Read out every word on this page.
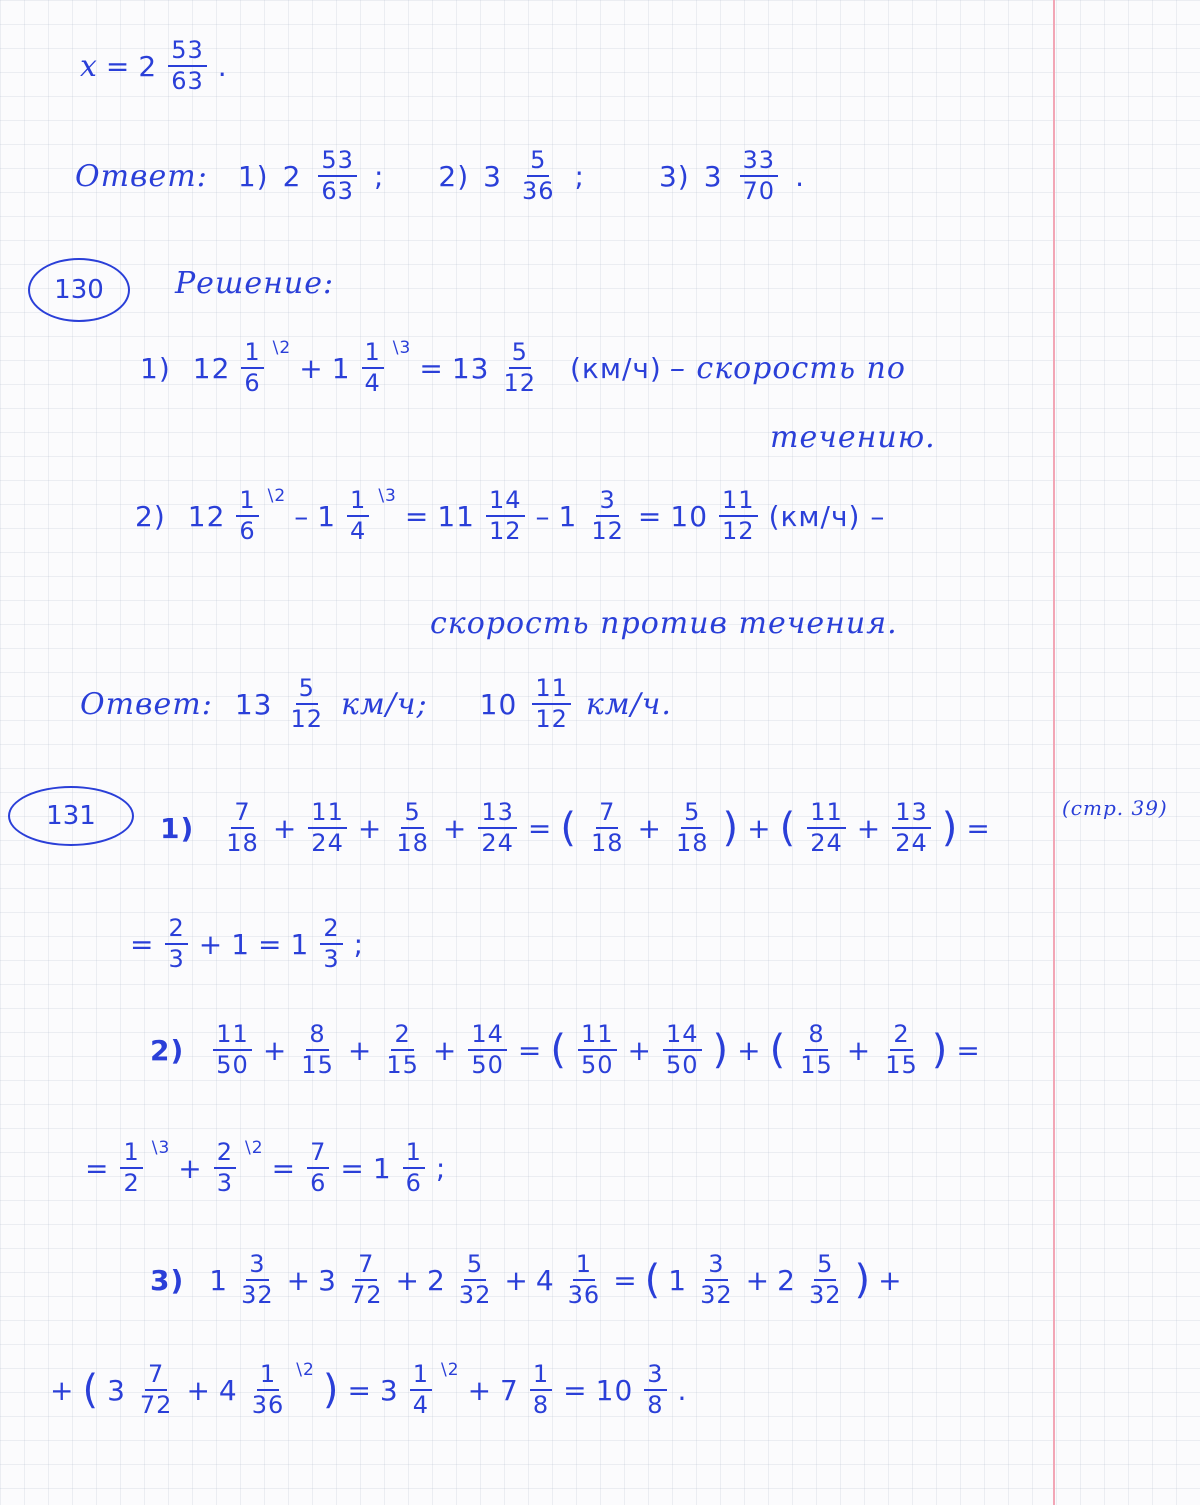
$x = 2 \frac{53}{63}$ .
Ответ: 1) $2 \frac{53}{63}$ ; 2) $3 \frac{5}{36}$ ;	3) $3 \frac{33}{70}$ .
130 Решение:
1) $12 \frac{1}{6}$ \2
+ $1 \frac{1}{4}$ \3
= $13 \frac{5}{12} (км/ч)$ – скорость по
течению.
2) $12 \frac{1}{6}$ \2
– $1 \frac{1}{4}$ \3
= $11 \frac{14}{12} - 1 \frac{3}{12} = 10 \frac{11}{12} (км/ч)$ –
скорость против течения.
Ответ: $13 \frac{5}{12} км/ч$; $10 \frac{11}{12} км/ч$.
131 $1) \frac{7}{18} + \frac{11}{24} + \frac{5}{18} + \frac{13}{24}$ = ( $\frac{7}{18} + \frac{5}{18}$ ) + ( $\frac{11}{24} + \frac{13}{24}$ ) =
(стр. 39)
= $\frac{2}{3} + 1 = 1 \frac{2}{3}$ ;
$2) \frac{11}{50} + \frac{8}{15} + \frac{2}{15} + \frac{14}{50}$ = ( $\frac{11}{50} + \frac{14}{50}$ ) + ( $\frac{8}{15} + \frac{2}{15}$ ) =
= $\frac{1}{2}$ \3
+ $\frac{2}{3}$ \2
= $\frac{7}{6} = 1 \frac{1}{6}$ ;
3) $1 \frac{3}{32} + 3 \frac{7}{72} + 2 \frac{5}{32} + 4 \frac{1}{36}$ = ( $1 \frac{3}{32} + 2 \frac{5}{32}$ ) +
+ ( $3 \frac{7}{72} + 4 \frac{1}{36}$ \2 ) = $3 \frac{1}{4}$ \2
+ $7 \frac{1}{8} = 10 \frac{3}{8}$ .
